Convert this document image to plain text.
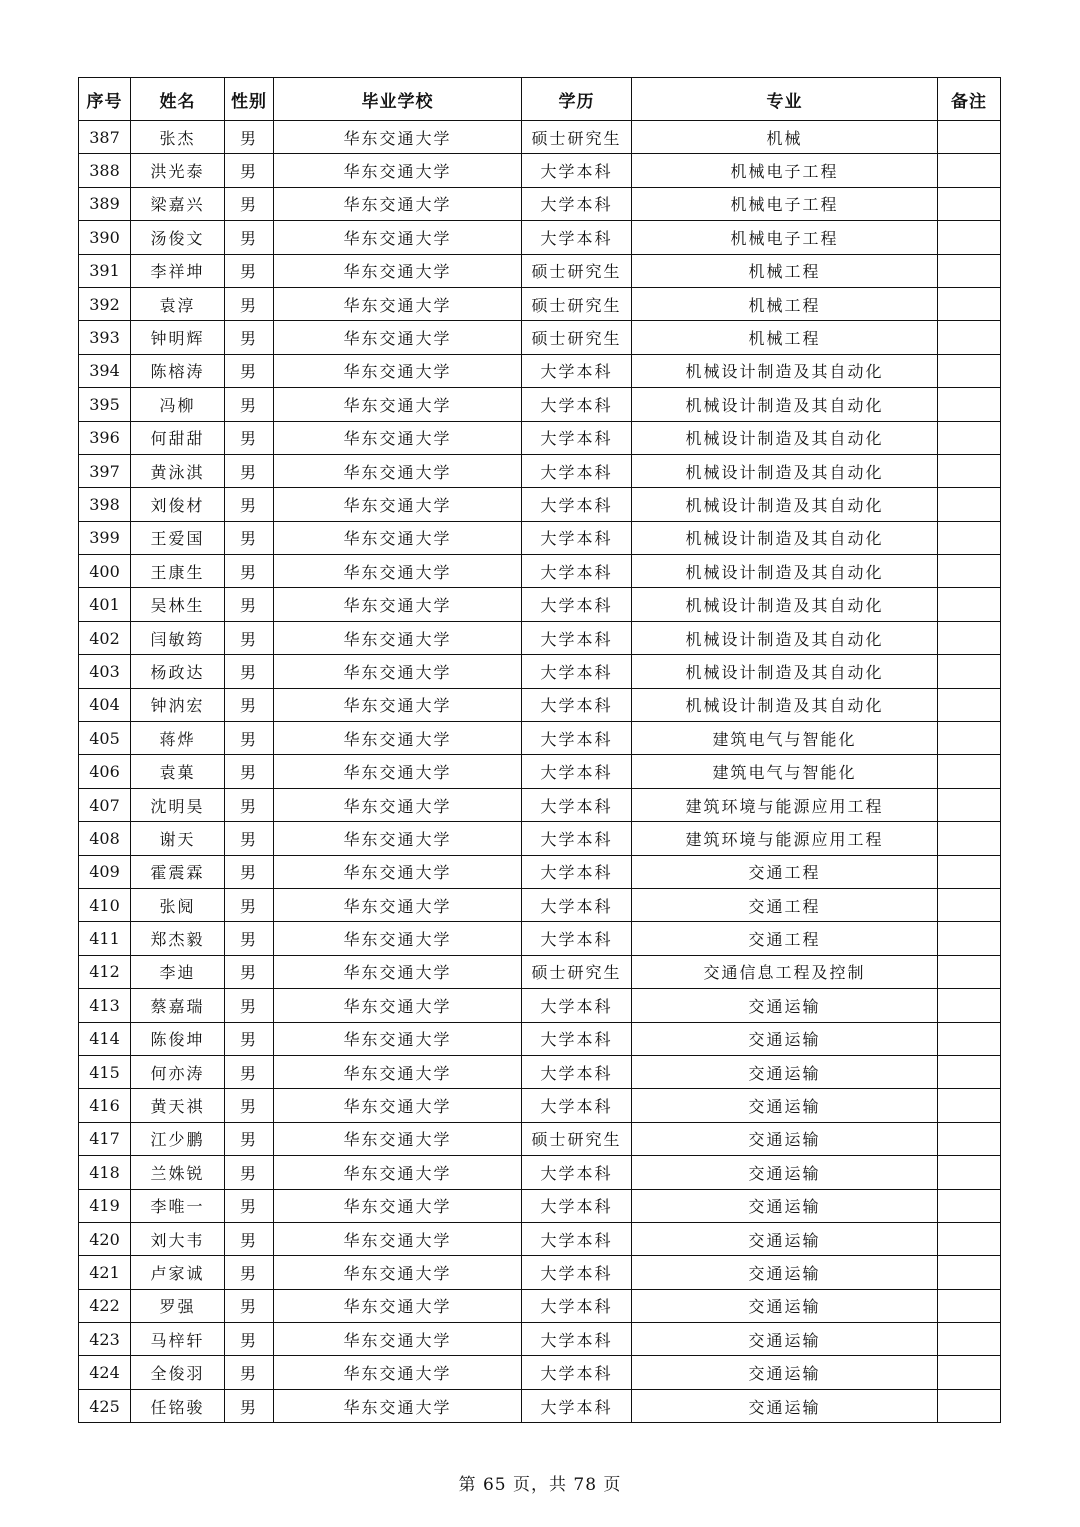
序号	姓名	性别	毕业学校	学历	专业	备注
387	张杰	男	华东交通大学	硕士研究生	机械	
388	洪光泰	男	华东交通大学	大学本科	机械电子工程	
389	梁嘉兴	男	华东交通大学	大学本科	机械电子工程	
390	汤俊文	男	华东交通大学	大学本科	机械电子工程	
391	李祥坤	男	华东交通大学	硕士研究生	机械工程	
392	袁淳	男	华东交通大学	硕士研究生	机械工程	
393	钟明辉	男	华东交通大学	硕士研究生	机械工程	
394	陈榕涛	男	华东交通大学	大学本科	机械设计制造及其自动化	
395	冯柳	男	华东交通大学	大学本科	机械设计制造及其自动化	
396	何甜甜	男	华东交通大学	大学本科	机械设计制造及其自动化	
397	黄泳淇	男	华东交通大学	大学本科	机械设计制造及其自动化	
398	刘俊材	男	华东交通大学	大学本科	机械设计制造及其自动化	
399	王爱国	男	华东交通大学	大学本科	机械设计制造及其自动化	
400	王康生	男	华东交通大学	大学本科	机械设计制造及其自动化	
401	吴林生	男	华东交通大学	大学本科	机械设计制造及其自动化	
402	闫敏筠	男	华东交通大学	大学本科	机械设计制造及其自动化	
403	杨政达	男	华东交通大学	大学本科	机械设计制造及其自动化	
404	钟汭宏	男	华东交通大学	大学本科	机械设计制造及其自动化	
405	蒋烨	男	华东交通大学	大学本科	建筑电气与智能化	
406	袁菓	男	华东交通大学	大学本科	建筑电气与智能化	
407	沈明昊	男	华东交通大学	大学本科	建筑环境与能源应用工程	
408	谢天	男	华东交通大学	大学本科	建筑环境与能源应用工程	
409	霍震霖	男	华东交通大学	大学本科	交通工程	
410	张阋	男	华东交通大学	大学本科	交通工程	
411	郑杰毅	男	华东交通大学	大学本科	交通工程	
412	李迪	男	华东交通大学	硕士研究生	交通信息工程及控制	
413	蔡嘉瑞	男	华东交通大学	大学本科	交通运输	
414	陈俊坤	男	华东交通大学	大学本科	交通运输	
415	何亦涛	男	华东交通大学	大学本科	交通运输	
416	黄天祺	男	华东交通大学	大学本科	交通运输	
417	江少鹏	男	华东交通大学	硕士研究生	交通运输	
418	兰姝锐	男	华东交通大学	大学本科	交通运输	
419	李唯一	男	华东交通大学	大学本科	交通运输	
420	刘大韦	男	华东交通大学	大学本科	交通运输	
421	卢家诚	男	华东交通大学	大学本科	交通运输	
422	罗强	男	华东交通大学	大学本科	交通运输	
423	马梓轩	男	华东交通大学	大学本科	交通运输	
424	全俊羽	男	华东交通大学	大学本科	交通运输	
425	任铭骏	男	华东交通大学	大学本科	交通运输	
第 65 页，共 78 页
